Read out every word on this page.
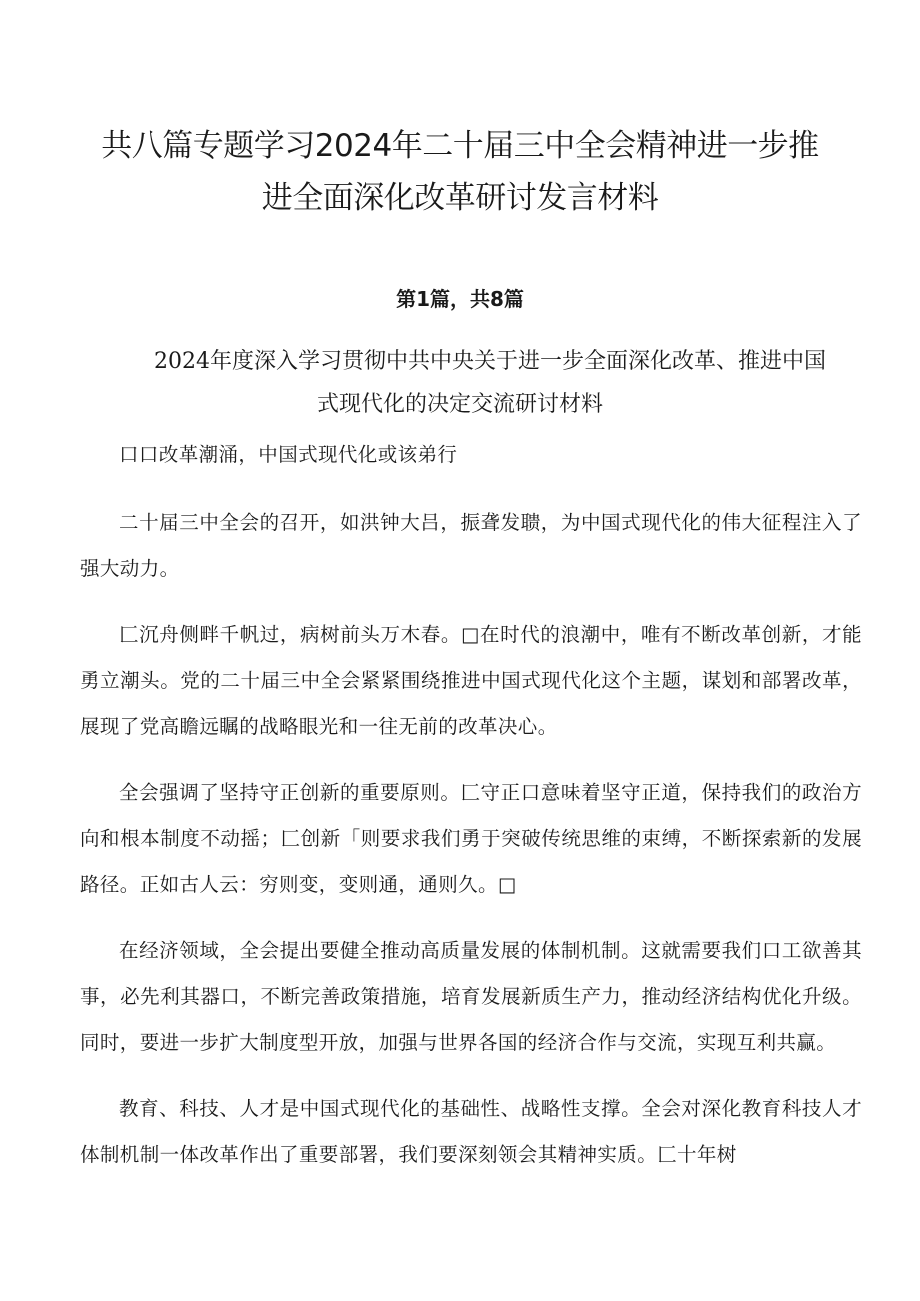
共八篇专题学习2024年二十届三中全会精神进一步推
进全面深化改革研讨发言材料
第1篇，共8篇
2024年度深入学习贯彻中共中央关于进一步全面深化改革、推进中国
式现代化的决定交流研讨材料

口口改革潮涌，中国式现代化或该弟行

二十届三中全会的召开，如洪钟大吕，振聋发聩，为中国式现代化的伟大征程注入了强大动力。

匚沉舟侧畔千帆过，病树前头万木春。□在时代的浪潮中，唯有不断改革创新，才能勇立潮头。党的二十届三中全会紧紧围绕推进中国式现代化这个主题，谋划和部署改革，展现了党高瞻远瞩的战略眼光和一往无前的改革决心。

全会强调了坚持守正创新的重要原则。匚守正口意味着坚守正道，保持我们的政治方向和根本制度不动摇；匚创新「则要求我们勇于突破传统思维的束缚，不断探索新的发展路径。正如古人云：穷则变，变则通，通则久。□

在经济领域，全会提出要健全推动高质量发展的体制机制。这就需要我们口工欲善其事，必先利其器口，不断完善政策措施，培育发展新质生产力，推动经济结构优化升级。同时，要进一步扩大制度型开放，加强与世界各国的经济合作与交流，实现互利共赢。

教育、科技、人才是中国式现代化的基础性、战略性支撑。全会对深化教育科技人才体制机制一体改革作出了重要部署，我们要深刻领会其精神实质。匚十年树
